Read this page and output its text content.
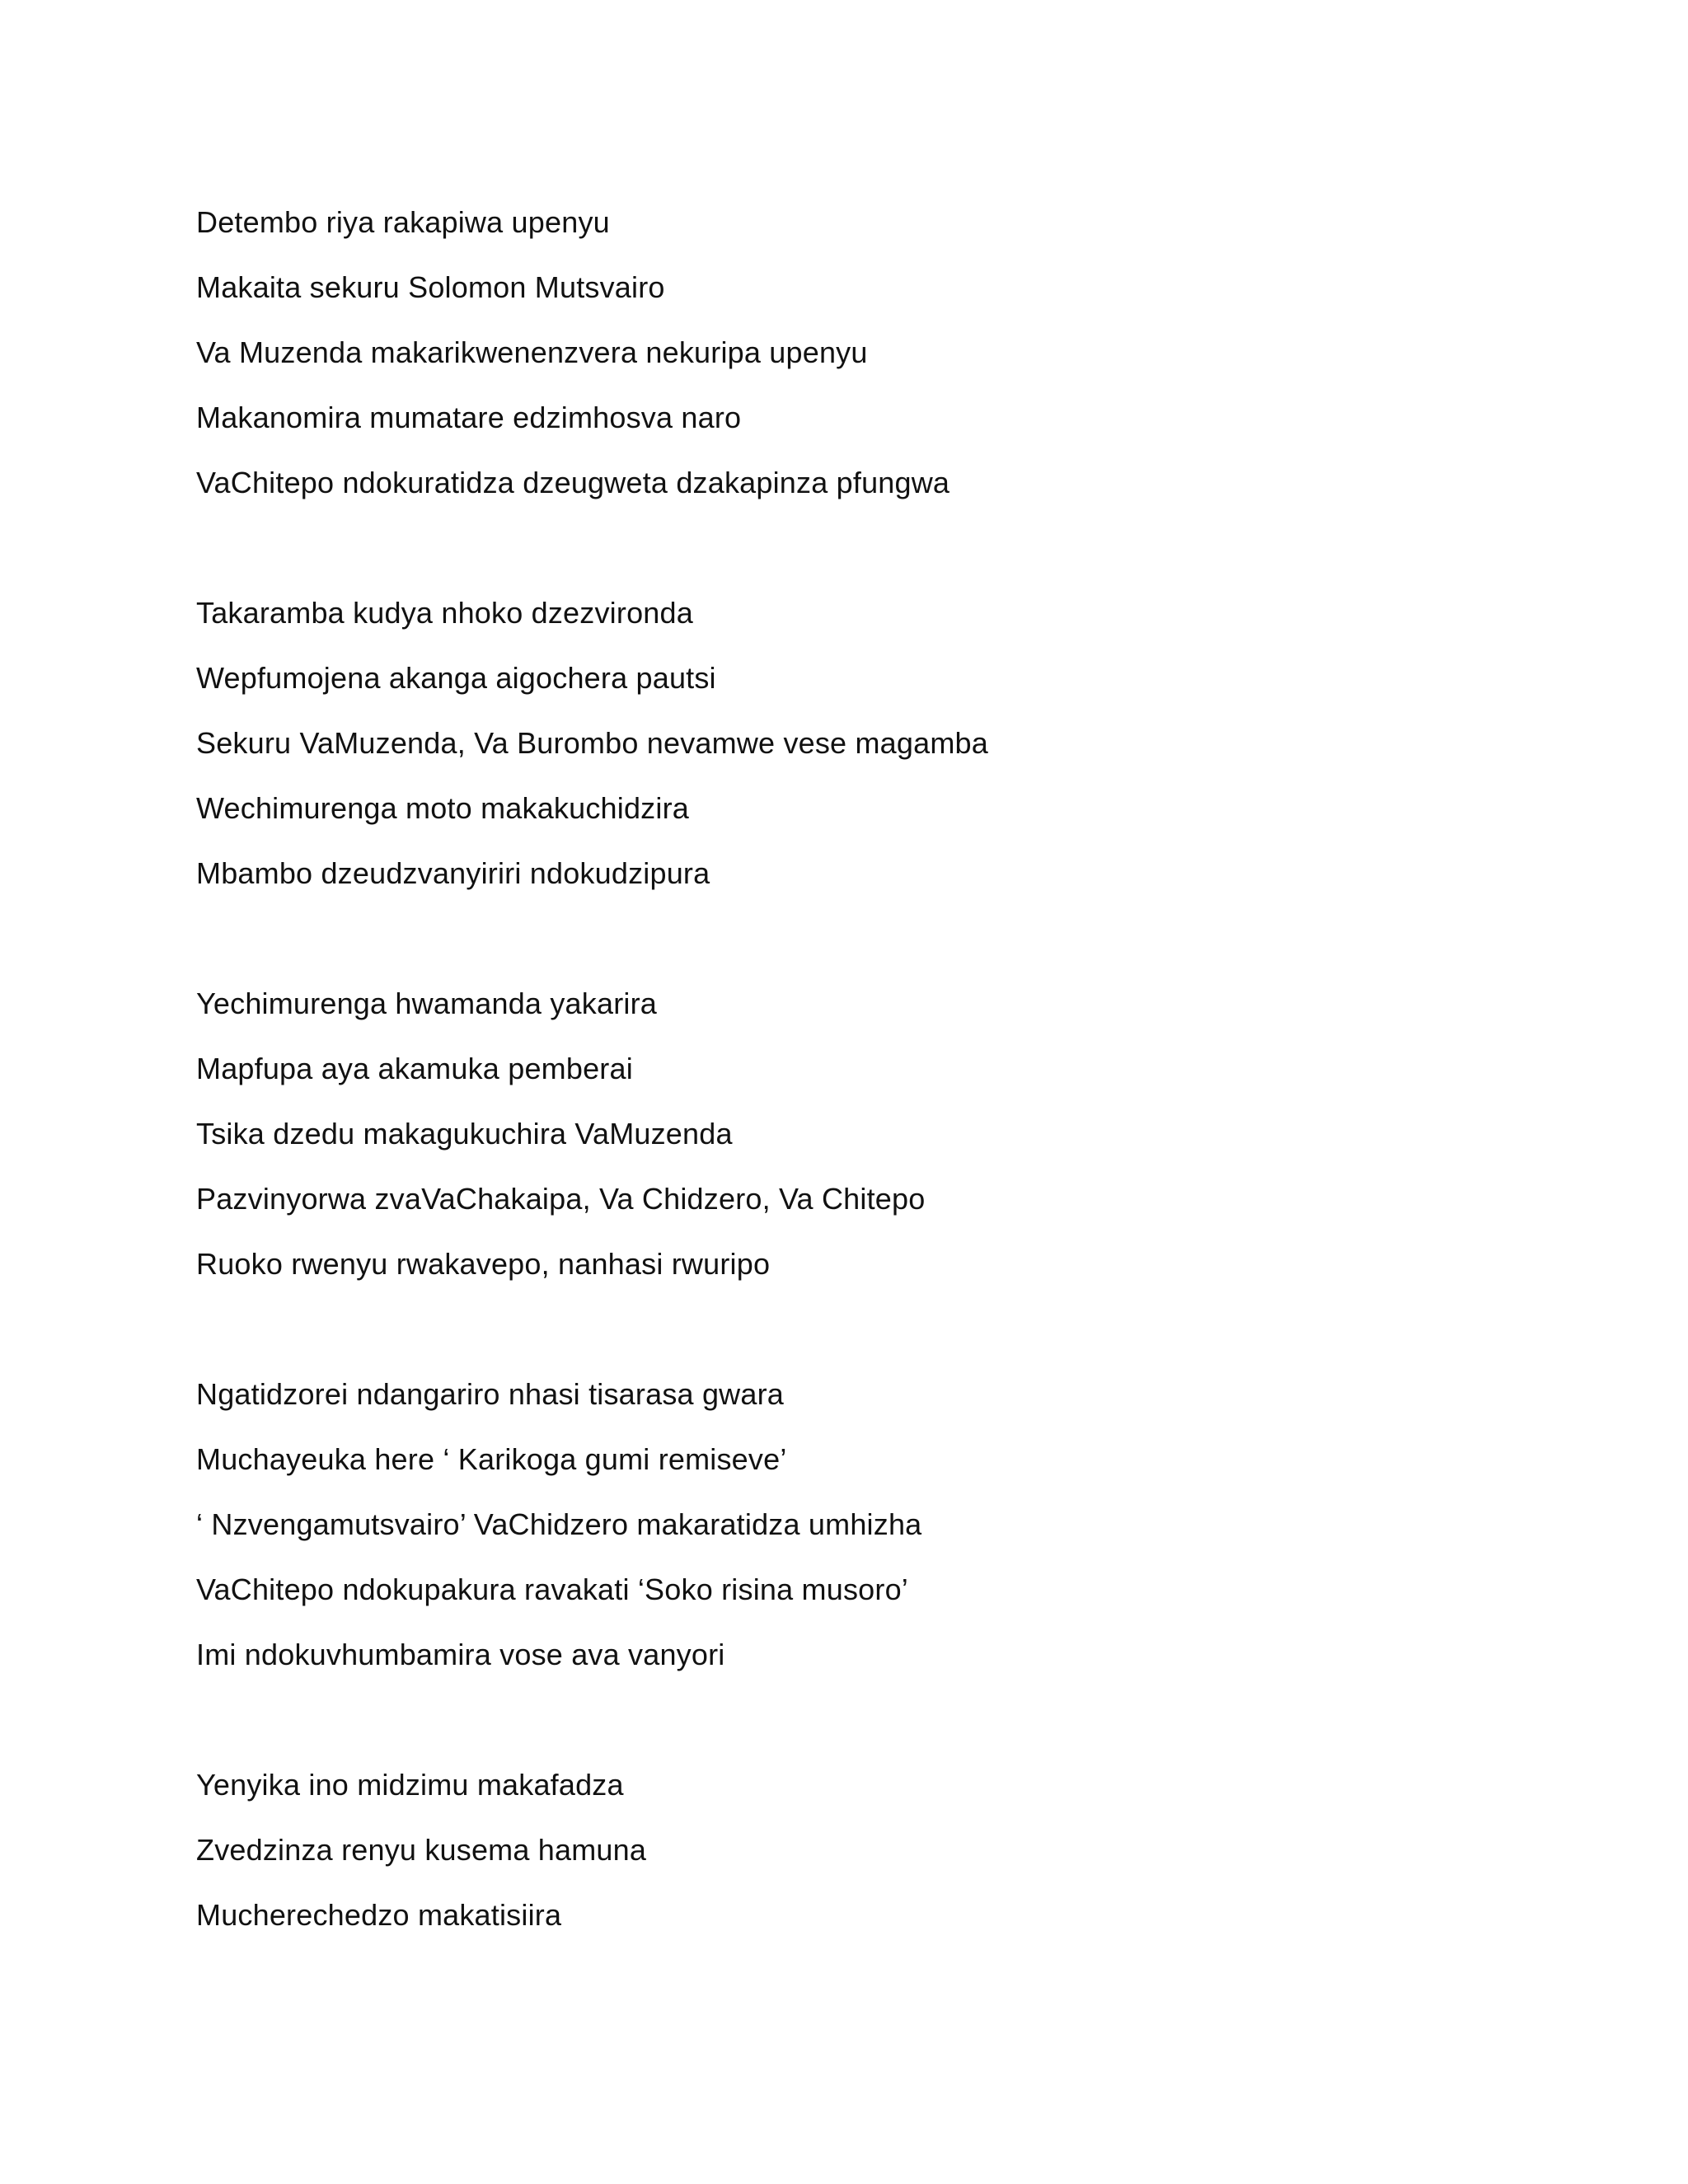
Detembo riya rakapiwa upenyu
Makaita sekuru Solomon Mutsvairo
Va Muzenda makarikwenenzvera nekuripa upenyu
Makanomira mumatare edzimhosva naro
VaChitepo ndokuratidza dzeugweta dzakapinza pfungwa
Takaramba kudya nhoko dzezvironda
Wepfumojena akanga aigochera pautsi
Sekuru VaMuzenda, Va Burombo nevamwe vese magamba
Wechimurenga moto makakuchidzira
Mbambo dzeudzvanyiriri ndokudzipura
Yechimurenga hwamanda yakarira
Mapfupa aya akamuka pemberai
Tsika dzedu makagukuchira VaMuzenda
Pazvinyorwa zvaVaChakaipa, Va Chidzero, Va Chitepo
Ruoko rwenyu rwakavepo, nanhasi rwuripo
Ngatidzorei ndangariro nhasi tisarasa gwara
Muchayeuka here ‘ Karikoga gumi remiseve’
‘ Nzvengamutsvairo’ VaChidzero makaratidza umhizha
VaChitepo ndokupakura ravakati ‘Soko risina musoro’
Imi ndokuvhumbamira vose ava vanyori
Yenyika ino midzimu makafadza
Zvedzinza renyu kusema hamuna
Mucherechedzo makatisiira
